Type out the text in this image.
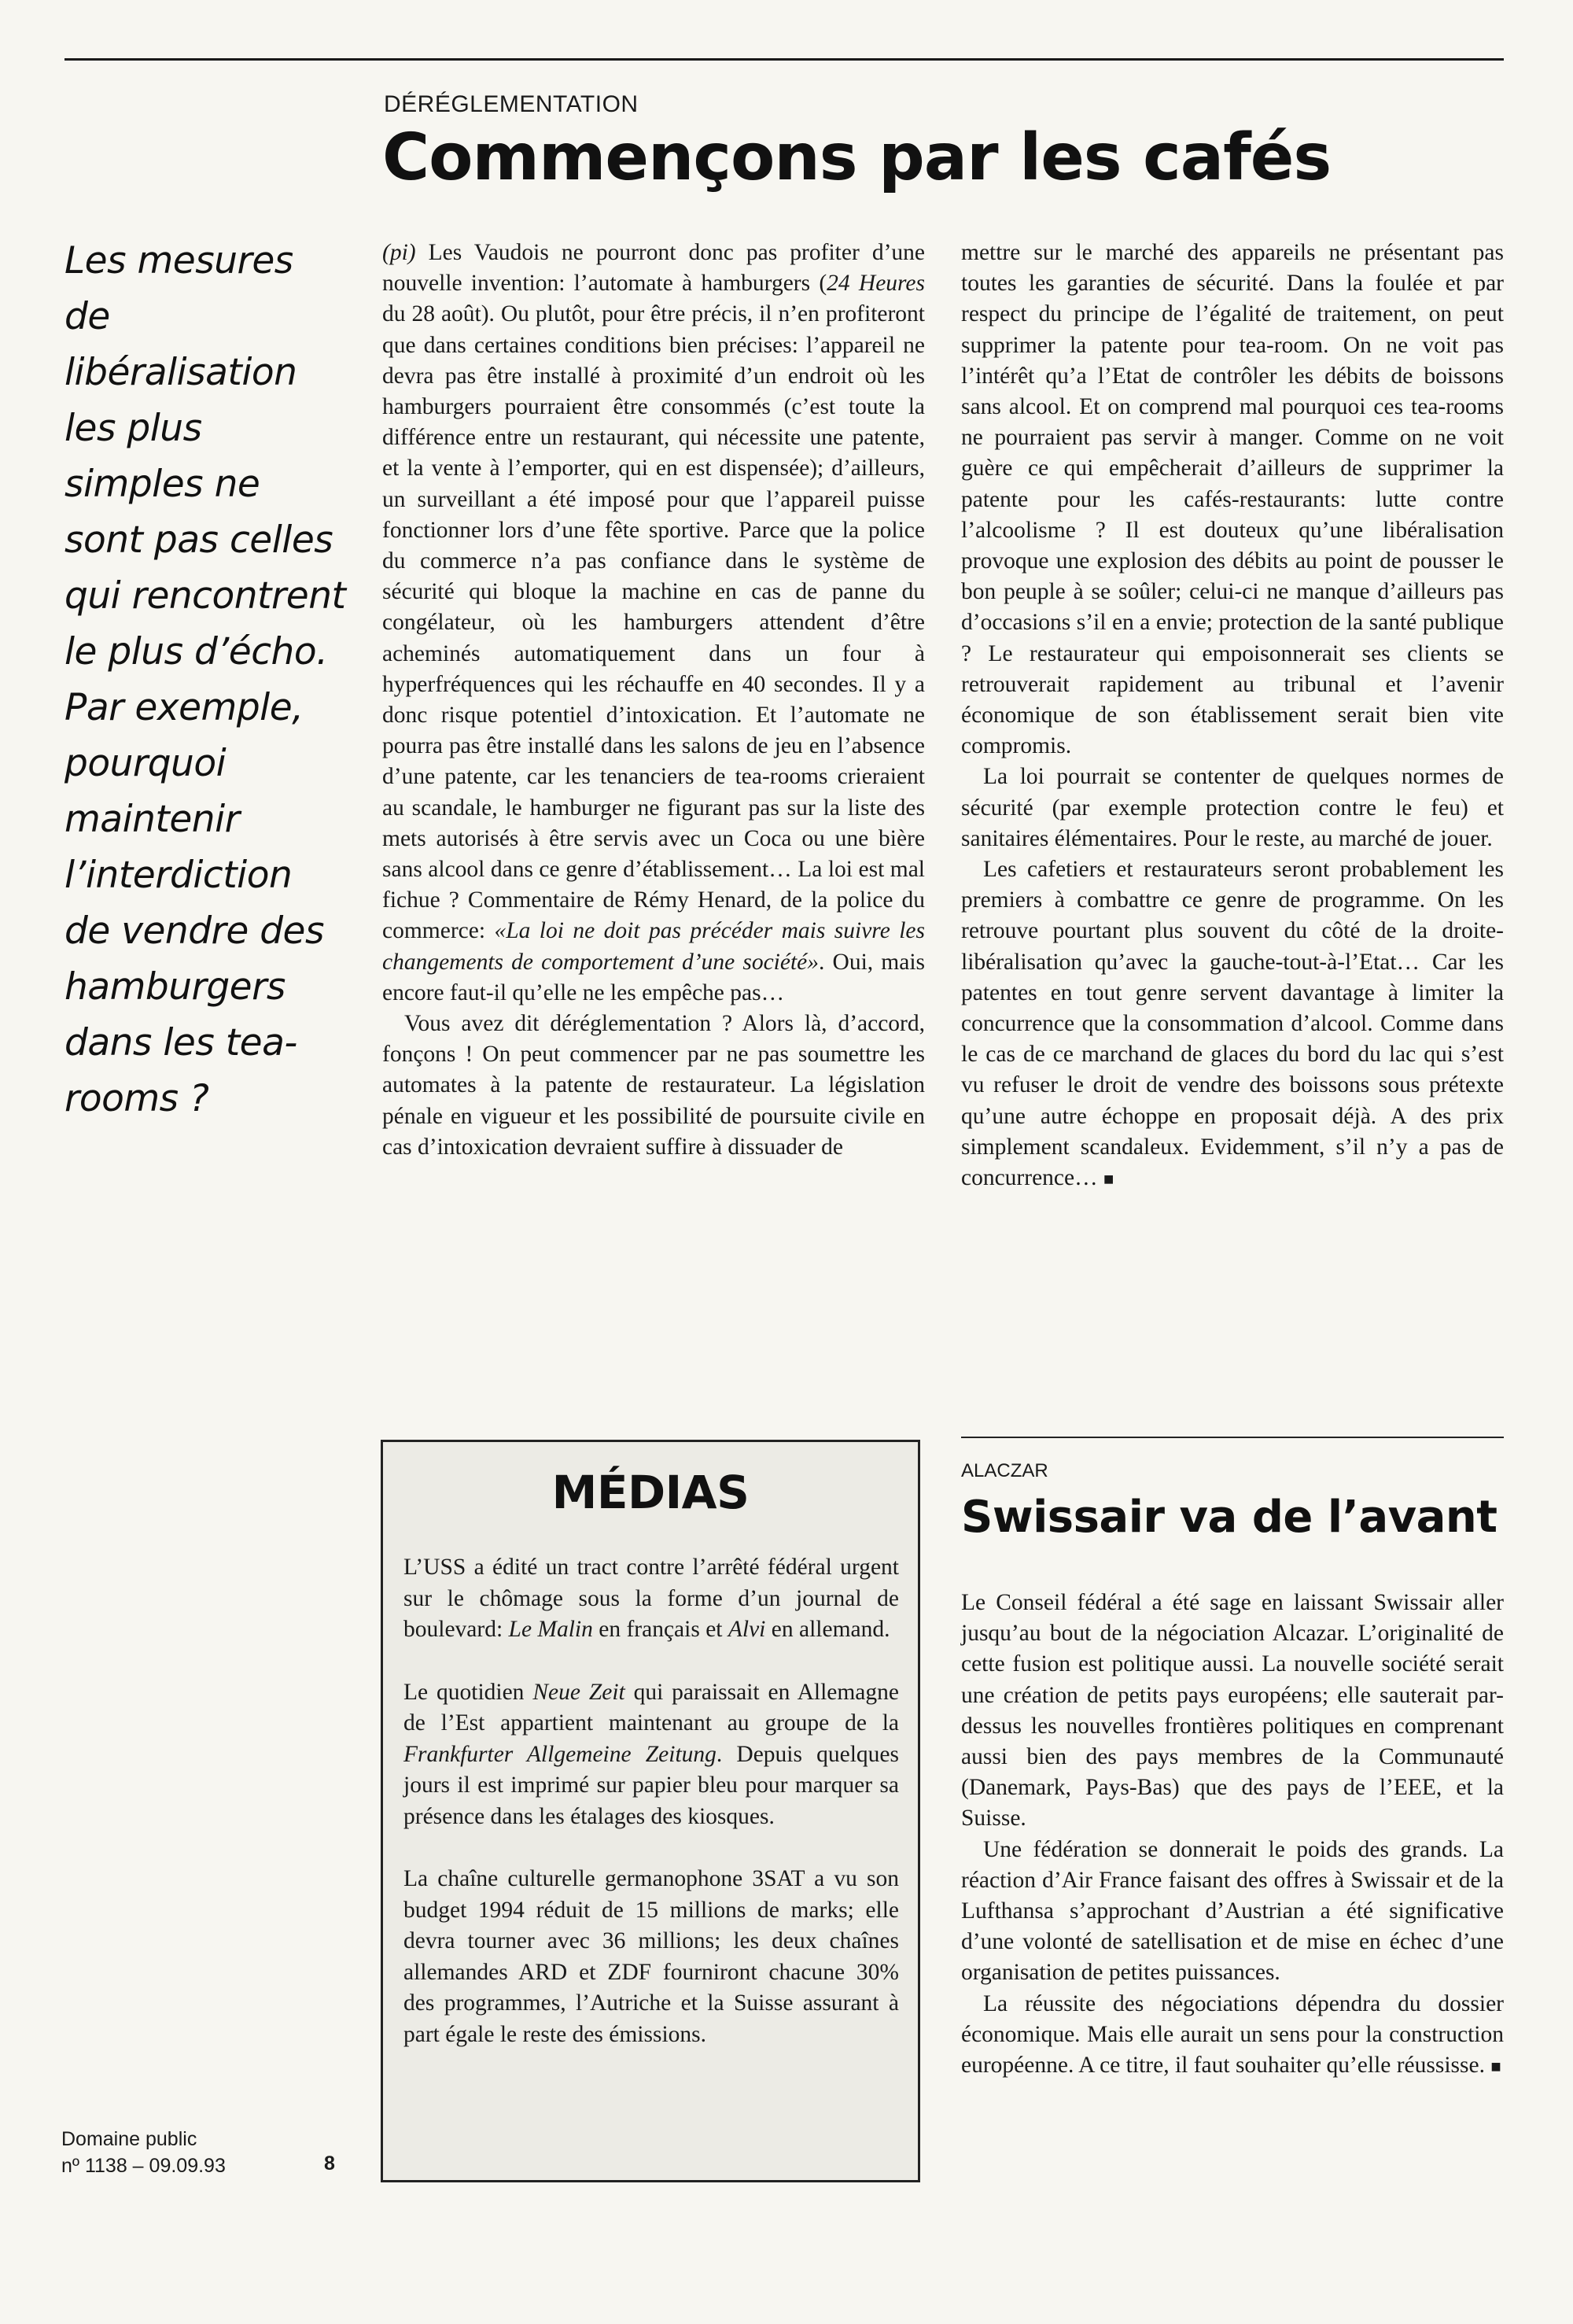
DÉRÉGLEMENTATION
Commençons par les cafés
Les mesures de libéralisation les plus simples ne sont pas celles qui rencontrent le plus d’écho. Par exemple, pourquoi maintenir l’interdiction de vendre des hamburgers dans les tea-rooms ?

(pi) Les Vaudois ne pourront donc pas profiter d’une nouvelle invention: l’automate à hamburgers (24 Heures du 28 août). Ou plutôt, pour être précis, il n’en profiteront que dans certaines conditions bien précises: l’appareil ne devra pas être installé à proximité d’un endroit où les hamburgers pourraient être consommés (c’est toute la différence entre un restaurant, qui nécessite une patente, et la vente à l’emporter, qui en est dispensée); d’ailleurs, un surveillant a été imposé pour que l’appareil puisse fonctionner lors d’une fête sportive. Parce que la police du commerce n’a pas confiance dans le système de sécurité qui bloque la machine en cas de panne du congélateur, où les hamburgers attendent d’être acheminés automatiquement dans un four à hyperfréquences qui les réchauffe en 40 secondes. Il y a donc risque potentiel d’intoxication. Et l’automate ne pourra pas être installé dans les salons de jeu en l’absence d’une patente, car les tenanciers de tea-rooms crieraient au scandale, le hamburger ne figurant pas sur la liste des mets autorisés à être servis avec un Coca ou une bière sans alcool dans ce genre d’établissement… La loi est mal fichue ? Commentaire de Rémy Henard, de la police du commerce: «La loi ne doit pas précéder mais suivre les changements de comportement d’une société». Oui, mais encore faut-il qu’elle ne les empêche pas…

Vous avez dit déréglementation ? Alors là, d’accord, fonçons ! On peut commencer par ne pas soumettre les automates à la patente de restaurateur. La législation pénale en vigueur et les possibilité de poursuite civile en cas d’intoxication devraient suffire à dissuader de

mettre sur le marché des appareils ne présentant pas toutes les garanties de sécurité. Dans la foulée et par respect du principe de l’égalité de traitement, on peut supprimer la patente pour tea-room. On ne voit pas l’intérêt qu’a l’Etat de contrôler les débits de boissons sans alcool. Et on comprend mal pourquoi ces tea-rooms ne pourraient pas servir à manger. Comme on ne voit guère ce qui empêcherait d’ailleurs de supprimer la patente pour les cafés-restaurants: lutte contre l’alcoolisme ? Il est douteux qu’une libéralisation provoque une explosion des débits au point de pousser le bon peuple à se soûler; celui-ci ne manque d’ailleurs pas d’occasions s’il en a envie; protection de la santé publique ? Le restaurateur qui empoisonnerait ses clients se retrouverait rapidement au tribunal et l’avenir économique de son établissement serait bien vite compromis.

La loi pourrait se contenter de quelques normes de sécurité (par exemple protection contre le feu) et sanitaires élémentaires. Pour le reste, au marché de jouer.

Les cafetiers et restaurateurs seront probablement les premiers à combattre ce genre de programme. On les retrouve pourtant plus souvent du côté de la droite-libéralisation qu’avec la gauche-tout-à-l’Etat… Car les patentes en tout genre servent davantage à limiter la concurrence que la consommation d’alcool. Comme dans le cas de ce marchand de glaces du bord du lac qui s’est vu refuser le droit de vendre des boissons sous prétexte qu’une autre échoppe en proposait déjà. A des prix simplement scandaleux. Evidemment, s’il n’y a pas de concurrence… ■

MÉDIAS

L’USS a édité un tract contre l’arrêté fédéral urgent sur le chômage sous la forme d’un journal de boulevard: Le Malin en français et Alvi en allemand.

Le quotidien Neue Zeit qui paraissait en Allemagne de l’Est appartient maintenant au groupe de la Frankfurter Allgemeine Zeitung. Depuis quelques jours il est imprimé sur papier bleu pour marquer sa présence dans les étalages des kiosques.

La chaîne culturelle germanophone 3SAT a vu son budget 1994 réduit de 15 millions de marks; elle devra tourner avec 36 millions; les deux chaînes allemandes ARD et ZDF fourniront chacune 30% des programmes, l’Autriche et la Suisse assurant à part égale le reste des émissions.

ALACZAR
Swissair va de l’avant

Le Conseil fédéral a été sage en laissant Swissair aller jusqu’au bout de la négociation Alcazar. L’originalité de cette fusion est politique aussi. La nouvelle société serait une création de petits pays européens; elle sauterait par-dessus les nouvelles frontières politiques en comprenant aussi bien des pays membres de la Communauté (Danemark, Pays-Bas) que des pays de l’EEE, et la Suisse.

Une fédération se donnerait le poids des grands. La réaction d’Air France faisant des offres à Swissair et de la Lufthansa s’approchant d’Austrian a été significative d’une volonté de satellisation et de mise en échec d’une organisation de petites puissances.

La réussite des négociations dépendra du dossier économique. Mais elle aurait un sens pour la construction européenne. A ce titre, il faut souhaiter qu’elle réussisse. ■

Domaine public
nº 1138 – 09.09.93	8
